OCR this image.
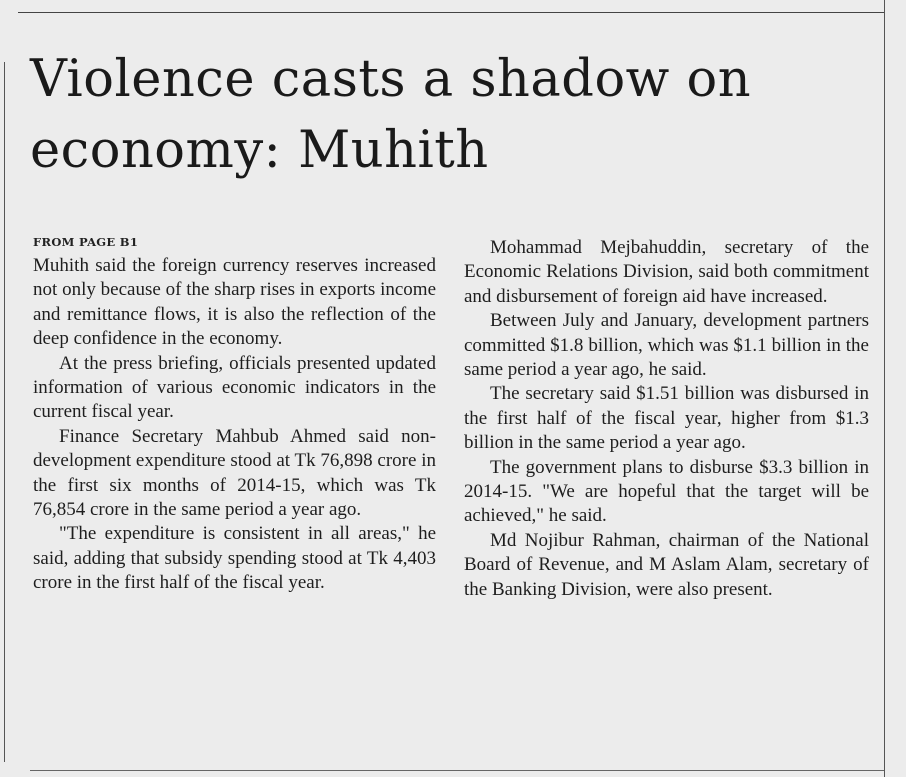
Violence casts a shadow on economy: Muhith
FROM PAGE B1

Muhith said the foreign currency reserves increased not only because of the sharp rises in exports income and remittance flows, it is also the reflection of the deep confidence in the economy.

At the press briefing, officials presented updated information of various economic indicators in the current fiscal year.

Finance Secretary Mahbub Ahmed said non-development expenditure stood at Tk 76,898 crore in the first six months of 2014-15, which was Tk 76,854 crore in the same period a year ago.

"The expenditure is consistent in all areas," he said, adding that subsidy spending stood at Tk 4,403 crore in the first half of the fiscal year.

Mohammad Mejbahuddin, secretary of the Economic Relations Division, said both commitment and disbursement of foreign aid have increased.

Between July and January, development partners committed $1.8 billion, which was $1.1 billion in the same period a year ago, he said.

The secretary said $1.51 billion was disbursed in the first half of the fiscal year, higher from $1.3 billion in the same period a year ago.

The government plans to disburse $3.3 billion in 2014-15. "We are hopeful that the target will be achieved," he said.

Md Nojibur Rahman, chairman of the National Board of Revenue, and M Aslam Alam, secretary of the Banking Division, were also present.
